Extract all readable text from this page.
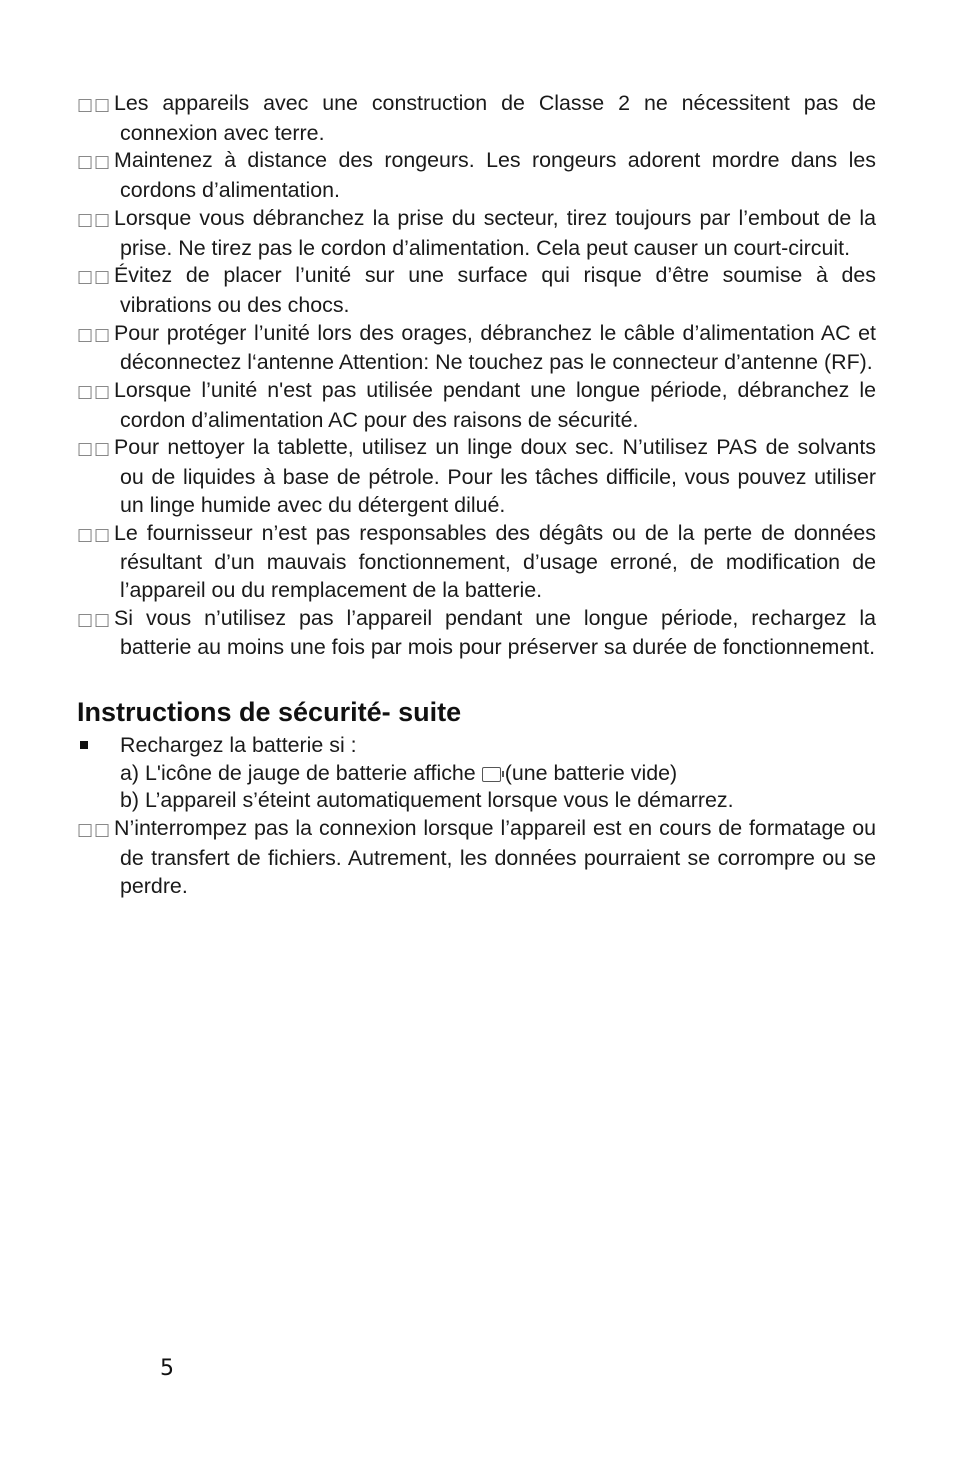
□□ Les appareils avec une construction de Classe 2 ne nécessitent pas de connexion avec terre.

□□ Maintenez à distance des rongeurs. Les rongeurs adorent mordre dans les cordons d’alimentation.

□□ Lorsque vous débranchez la prise du secteur, tirez toujours par l’embout de la prise. Ne tirez pas le cordon d’alimentation. Cela peut causer un court-circuit.

□□ Évitez de placer l’unité sur une surface qui risque d’être soumise à des vibrations ou des chocs.

□□ Pour protéger l’unité lors des orages, débranchez le câble d’alimentation AC et déconnectez l‘antenne Attention: Ne touchez pas le connecteur d’antenne (RF).

□□ Lorsque l’unité n'est pas utilisée pendant une longue période, débranchez le cordon d’alimentation AC pour des raisons de sécurité.

□□ Pour nettoyer la tablette, utilisez un linge doux sec. N’utilisez PAS de solvants ou de liquides à base de pétrole. Pour les tâches difficile, vous pouvez utiliser un linge humide avec du détergent dilué.

□□ Le fournisseur n’est pas responsables des dégâts ou de la perte de données résultant d’un mauvais fonctionnement, d’usage erroné, de modification de l’appareil ou du remplacement de la batterie.

□□ Si vous n’utilisez pas l’appareil pendant une longue période, rechargez la batterie au moins une fois par mois pour préserver sa durée de fonctionnement.

Instructions de sécurité- suite

Rechargez la batterie si :

a) L'icône de jauge de batterie affiche (une batterie vide)

b) L’appareil s’éteint automatiquement lorsque vous le démarrez.

□□ N’interrompez pas la connexion lorsque l’appareil est en cours de formatage ou de transfert de fichiers. Autrement, les données pourraient se corrompre ou se perdre.

5
